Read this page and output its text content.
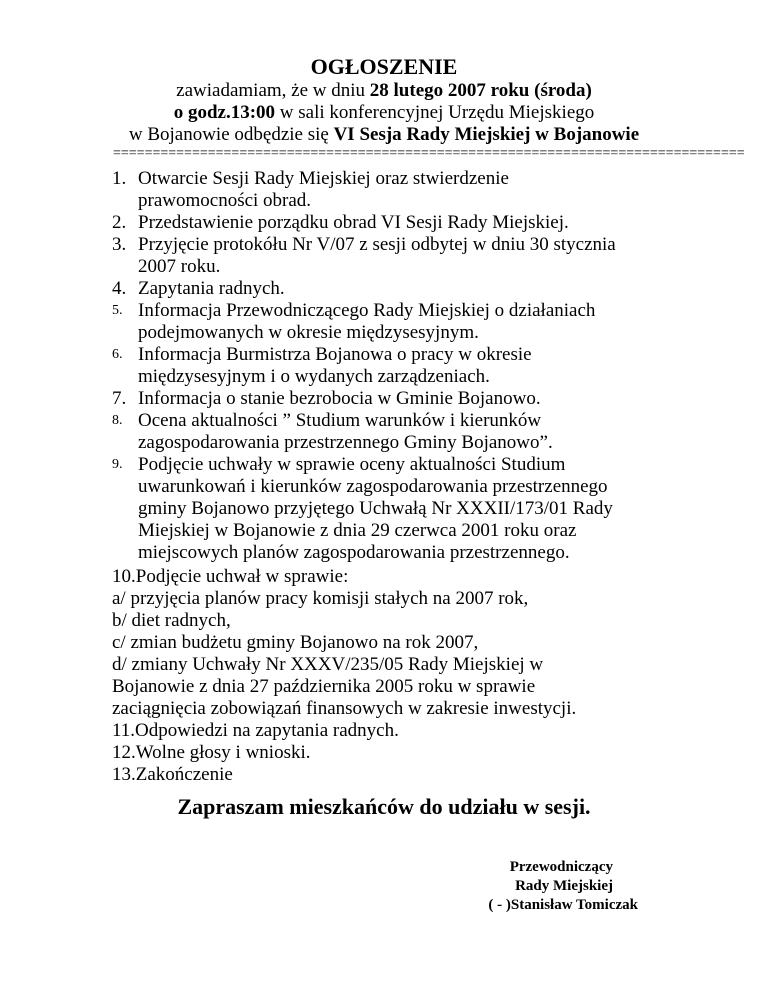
OGŁOSZENIE
zawiadamiam, że w dniu 28 lutego 2007 roku (środa)
o godz.13:00 w sali konferencyjnej Urzędu Miejskiego
w Bojanowie odbędzie się VI Sesja Rady Miejskiej w Bojanowie
================================================================================
1. Otwarcie Sesji Rady Miejskiej oraz stwierdzenie
prawomocności obrad.
2. Przedstawienie porządku obrad VI Sesji Rady Miejskiej.
3. Przyjęcie protokółu Nr V/07 z sesji odbytej w dniu 30 stycznia
2007 roku.
4. Zapytania radnych.
5. Informacja Przewodniczącego Rady Miejskiej o działaniach
podejmowanych w okresie międzysesyjnym.
6. Informacja Burmistrza Bojanowa o pracy w okresie
międzysesyjnym i o wydanych zarządzeniach.
7. Informacja o stanie bezrobocia w Gminie Bojanowo.
8. Ocena aktualności ” Studium warunków i kierunków
zagospodarowania przestrzennego Gminy Bojanowo”.
9. Podjęcie uchwały w sprawie oceny aktualności Studium
uwarunkowań i kierunków zagospodarowania przestrzennego
gminy Bojanowo przyjętego Uchwałą Nr XXXII/173/01 Rady
Miejskiej w Bojanowie z dnia 29 czerwca 2001 roku oraz
miejscowych planów zagospodarowania przestrzennego.
10.Podjęcie uchwał w sprawie:
a/ przyjęcia planów pracy komisji stałych na 2007 rok,
b/ diet radnych,
c/ zmian budżetu gminy Bojanowo na rok 2007,
d/ zmiany Uchwały Nr XXXV/235/05 Rady Miejskiej w
Bojanowie z dnia 27 października 2005 roku w sprawie
zaciągnięcia zobowiązań finansowych w zakresie inwestycji.
11.Odpowiedzi na zapytania radnych.
12.Wolne głosy i wnioski.
13.Zakończenie
Zapraszam mieszkańców do udziału w sesji.
Przewodniczący
Rady Miejskiej
( - )Stanisław Tomiczak
